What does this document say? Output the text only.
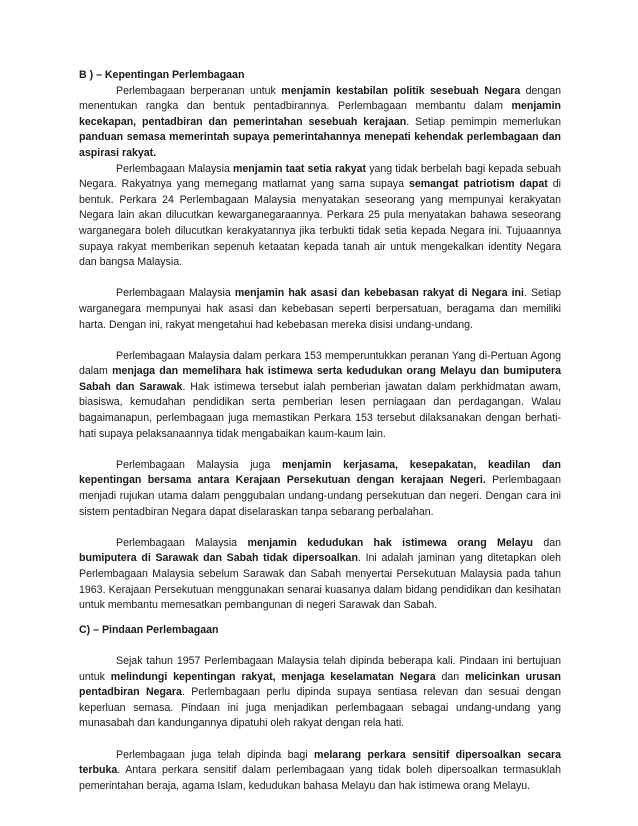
B ) – Kepentingan Perlembagaan

Perlembagaan berperanan untuk menjamin kestabilan politik sesebuah Negara dengan menentukan rangka dan bentuk pentadbirannya. Perlembagaan membantu dalam menjamin kecekapan, pentadbiran dan pemerintahan sesebuah kerajaan. Setiap pemimpin memerlukan panduan semasa memerintah supaya pemerintahannya menepati kehendak perlembagaan dan aspirasi rakyat.

Perlembagaan Malaysia menjamin taat setia rakyat yang tidak berbelah bagi kepada sebuah Negara. Rakyatnya yang memegang matlamat yang sama supaya semangat patriotism dapat di bentuk. Perkara 24 Perlembagaan Malaysia menyatakan seseorang yang mempunyai kerakyatan Negara lain akan dilucutkan kewarganegaraannya. Perkara 25 pula menyatakan bahawa seseorang warganegara boleh dilucutkan kerakyatannya jika terbukti tidak setia kepada Negara ini. Tujuaannya supaya rakyat memberikan sepenuh ketaatan kepada tanah air untuk mengekalkan identity Negara dan bangsa Malaysia.

Perlembagaan Malaysia menjamin hak asasi dan kebebasan rakyat di Negara ini. Setiap warganegara mempunyai hak asasi dan kebebasan seperti berpersatuan, beragama dan memiliki harta. Dengan ini, rakyat mengetahui had kebebasan mereka disisi undang-undang.

Perlembagaan Malaysia dalam perkara 153 memperuntukkan peranan Yang di-Pertuan Agong dalam menjaga dan memelihara hak istimewa serta kedudukan orang Melayu dan bumiputera Sabah dan Sarawak. Hak istimewa tersebut ialah pemberian jawatan dalam perkhidmatan awam, biasiswa, kemudahan pendidikan serta pemberian lesen perniagaan dan perdagangan. Walau bagaimanapun, perlembagaan juga memastikan Perkara 153 tersebut dilaksanakan dengan berhati-hati supaya pelaksanaannya tidak mengabaikan kaum-kaum lain.

Perlembagaan Malaysia juga menjamin kerjasama, kesepakatan, keadilan dan kepentingan bersama antara Kerajaan Persekutuan dengan kerajaan Negeri. Perlembagaan menjadi rujukan utama dalam penggubalan undang-undang persekutuan dan negeri. Dengan cara ini sistem pentadbiran Negara dapat diselaraskan tanpa sebarang perbalahan.

Perlembagaan Malaysia menjamin kedudukan hak istimewa orang Melayu dan bumiputera di Sarawak dan Sabah tidak dipersoalkan. Ini adalah jaminan yang ditetapkan oleh Perlembagaan Malaysia sebelum Sarawak dan Sabah menyertai Persekutuan Malaysia pada tahun 1963. Kerajaan Persekutuan menggunakan senarai kuasanya dalam bidang pendidikan dan kesihatan untuk membantu memesatkan pembangunan di negeri Sarawak dan Sabah.

C) – Pindaan Perlembagaan

Sejak tahun 1957 Perlembagaan Malaysia telah dipinda beberapa kali. Pindaan ini bertujuan untuk melindungi kepentingan rakyat, menjaga keselamatan Negara dan melicinkan urusan pentadbiran Negara. Perlembagaan perlu dipinda supaya sentiasa relevan dan sesuai dengan keperluan semasa. Pindaan ini juga menjadikan perlembagaan sebagai undang-undang yang munasabah dan kandungannya dipatuhi oleh rakyat dengan rela hati.

Perlembagaan juga telah dipinda bagi melarang perkara sensitif dipersoalkan secara terbuka. Antara perkara sensitif dalam perlembagaan yang tidak boleh dipersoalkan termasuklah pemerintahan beraja, agama Islam, kedudukan bahasa Melayu dan hak istimewa orang Melayu.
